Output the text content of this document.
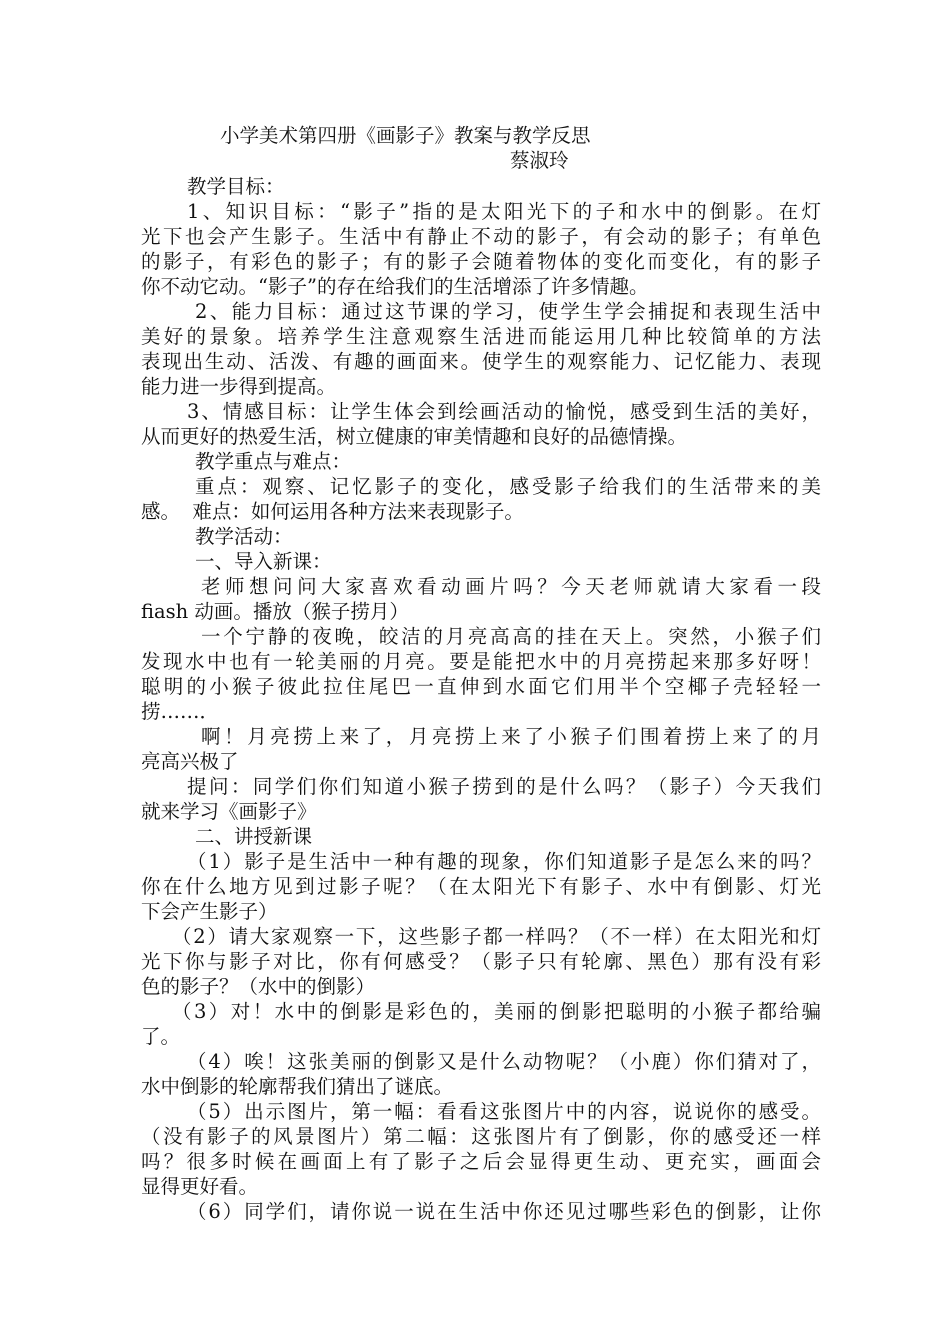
小学美术第四册《画影子》教案与教学反思
蔡淑玲
教学目标：
1、知识目标：“影子”指的是太阳光下的子和水中的倒影。在灯
光下也会产生影子。生活中有静止不动的影子，有会动的影子；有单色
的影子，有彩色的影子；有的影子会随着物体的变化而变化，有的影子
你不动它动。“影子”的存在给我们的生活增添了许多情趣。
2、能力目标：通过这节课的学习，使学生学会捕捉和表现生活中
美好的景象。培养学生注意观察生活进而能运用几种比较简单的方法
表现出生动、活泼、有趣的画面来。使学生的观察能力、记忆能力、表现
能力进一步得到提高。
3、情感目标：让学生体会到绘画活动的愉悦，感受到生活的美好，
从而更好的热爱生活，树立健康的审美情趣和良好的品德情操。
教学重点与难点：
重点：观察、记忆影子的变化，感受影子给我们的生活带来的美
感。  难点：如何运用各种方法来表现影子。
教学活动：
一、导入新课：
老师想问问大家喜欢看动画片吗？今天老师就请大家看一段
fiash 动画。播放（猴子捞月）
一个宁静的夜晚，皎洁的月亮高高的挂在天上。突然，小猴子们
发现水中也有一轮美丽的月亮。要是能把水中的月亮捞起来那多好呀！
聪明的小猴子彼此拉住尾巴一直伸到水面它们用半个空椰子壳轻轻一
捞……．
啊！月亮捞上来了，月亮捞上来了小猴子们围着捞上来了的月
亮高兴极了
提问：同学们你们知道小猴子捞到的是什么吗？（影子）今天我们
就来学习《画影子》
二、讲授新课
（1）影子是生活中一种有趣的现象，你们知道影子是怎么来的吗？
你在什么地方见到过影子呢？（在太阳光下有影子、水中有倒影、灯光
下会产生影子）
（2）请大家观察一下，这些影子都一样吗？（不一样）在太阳光和灯
光下你与影子对比，你有何感受？（影子只有轮廓、黑色）那有没有彩
色的影子？（水中的倒影）
（3）对！水中的倒影是彩色的，美丽的倒影把聪明的小猴子都给骗
了。
（4）唉！这张美丽的倒影又是什么动物呢？（小鹿）你们猜对了，
水中倒影的轮廓帮我们猜出了谜底。
（5）出示图片，第一幅：看看这张图片中的内容，说说你的感受。
（没有影子的风景图片）第二幅：这张图片有了倒影，你的感受还一样
吗？很多时候在画面上有了影子之后会显得更生动、更充实，画面会
显得更好看。
（6）同学们，请你说一说在生活中你还见过哪些彩色的倒影，让你
